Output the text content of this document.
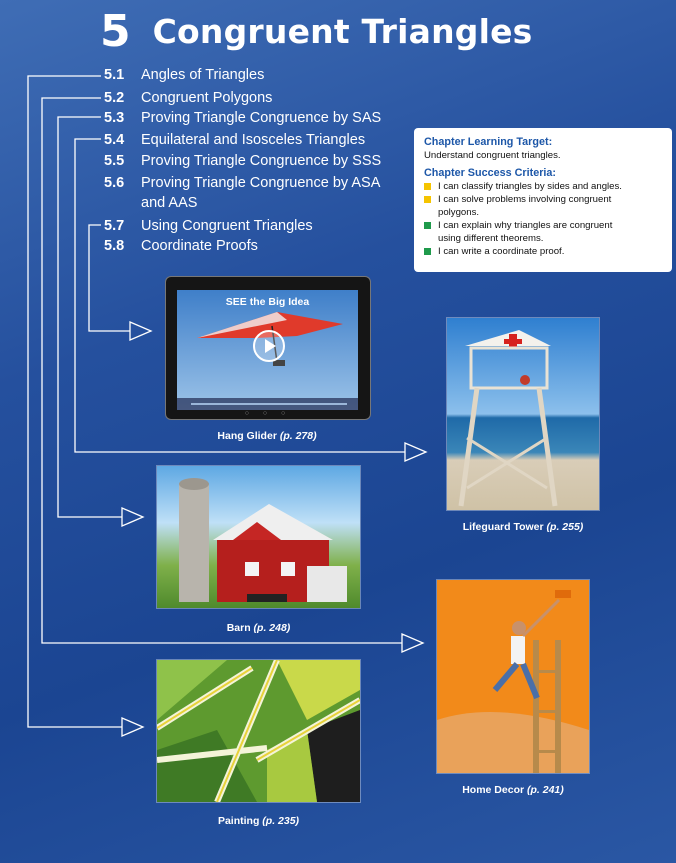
5 Congruent Triangles
5.1	Angles of Triangles
5.2	Congruent Polygons
5.3	Proving Triangle Congruence by SAS
5.4	Equilateral and Isosceles Triangles
5.5	Proving Triangle Congruence by SSS
5.6	Proving Triangle Congruence by ASA
and AAS
5.7	Using Congruent Triangles
5.8	Coordinate Proofs
Chapter Learning Target:
Understand congruent triangles.
Chapter Success Criteria:
I can classify triangles by sides and angles.
I can solve problems involving congruent
polygons.
I can explain why triangles are congruent
using different theorems.
I can write a coordinate proof.
SEE the Big Idea
○ ○ ○
Hang Glider (p. 278)
Lifeguard Tower (p. 255)
Barn (p. 248)
Home Decor (p. 241)
Painting (p. 235)
